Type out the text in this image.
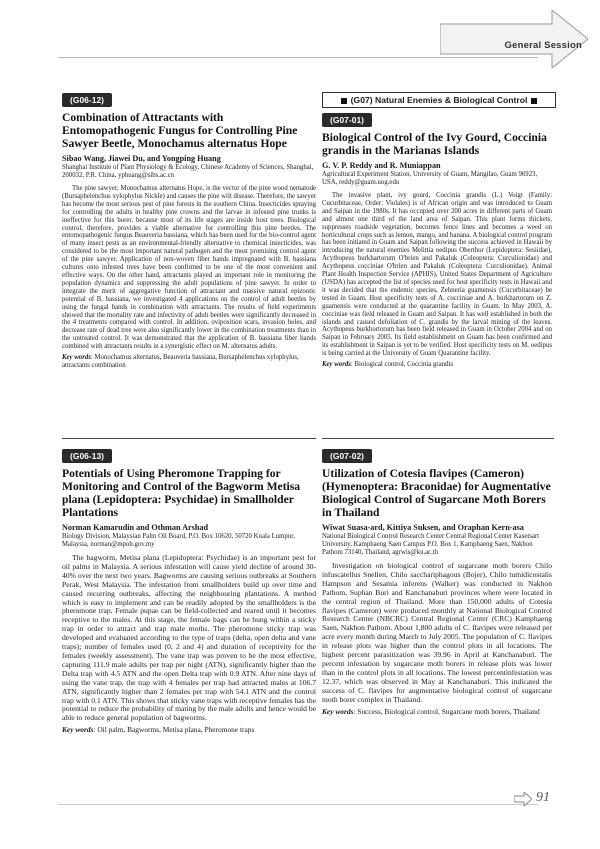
General Session
(G06-12)
Combination of Attractants with Entomopathogenic Fungus for Controlling Pine Sawyer Beetle, Monochamus alternatus Hope
Sibao Wang, Jiawei Du, and Yongping Huang
Shanghai Institute of Plant Physiology & Ecology, Chinese Academy of Sciences, Shanghai, 200032, P.R. China, yphuang@sibs.ac.cn

The pine sawyer, Monochamus alternatus Hope, is the vector of the pine wood nematode (Bursaphelenchus xylophylus Nickle) and causes the pine wilt disease. Therefore, the sawyer has become the most serious pest of pine forests in the southern China. Insecticides spraying for controlling the adults in healthy pine crowns and the larvae in infested pine trunks is ineffective for this borer, because most of its life stages are inside host trees. Biological control, therefore, provides a viable alternative for controlling this pine beetles. The entomopathogenic fungus Beauveria bassiana, which has been used for the bio-control agent of many insect pests as an environmental-friendly alternative to chemical insecticides, was considered to be the most important natural pathogen and the most promising control agent of the pine sawyer. Application of non-woven fiber bands impregnated with B. bassiana cultures onto infested trees have been confirmed to be one of the most convenient and effective ways. On the other hand, attractants played an important role in monitoring the population dynamics and suppressing the adult populations of pine sawyer. In order to integrate the merit of aggregative function of attractant and massive natural epizootic potential of B. bassiana, we investigated 4 applications on the control of adult beetles by using the fungal bands in combination with attractants. The results of field experiments showed that the mortality rate and infectivity of adult beetles were significantly decreased in the 4 treatments compared with control. In addition, oviposition scars, invasion holes, and decrease rate of dead tree were also significantly lower in the combination treatments than in the untreated control. It was demonstrated that the application of B. bassiana fiber bands combined with attractants results in a synergistic effect on M. alternatus adults.

Key words: Monochamus alternatus, Beauveria bassiana, Bursaphelenchus xylophylus, attractants combination
(G06-13)
Potentials of Using Pheromone Trapping for Monitoring and Control of the Bagworm Metisa plana (Lepidoptera: Psychidae) in Smallholder Plantations
Norman Kamarudin and Othman Arshad
Biology Division, Malaysian Palm Oil Board, P.O. Box 10620, 50720 Kuala Lumpur, Malaysia, norman@mpob.gov.my

The bagworm, Metisa plana (Lepidoptera: Psychidae) is an important pest for oil palms in Malaysia. A serious infestation will cause yield decline of around 30-40% over the next two years. Bagworms are causing serious outbreaks at Southern Perak, West Malaysia. The infestation from smallholders build up over time and caused recurring outbreaks, affecting the neighbouring plantations. A method which is easy to implement and can be readily adopted by the smallholders is the pheromone trap. Female pupae can be field-collected and reared until it becomes receptive to the males. At this stage, the female bags can be hung within a sticky trap in order to attract and trap male moths. The pheromone sticky trap was developed and evaluated according to the type of traps (delta, open delta and vane traps); number of females used (0, 2 and 4) and duration of receptivity for the females (weekly assessment). The vane trap was proven to be the most effective, capturing 111.9 male adults per trap per night (ATN), significantly higher than the Delta trap with 4.5 ATN and the open Delta trap with 0.9 ATN. After nine days of using the vane trap, the trap with 4 females per trap had attracted males at 106.7 ATN, significantly higher than 2 females per trap with 54.1 ATN and the control trap with 0.1 ATN. This shows that sticky vane traps with receptive females has the potential to reduce the probability of mating by the male adults and hence would be able to reduce general population of bagworms.

Key words: Oil palm, Bagworms, Metisa plana, Pheromone traps
(G07) Natural Enemies & Biological Control
(G07-01)
Biological Control of the Ivy Gourd, Coccinia grandis in the Marianas Islands
G. V. P. Reddy and R. Muniappan
Agricultural Experiment Station, University of Guam, Mangilao, Guam 96923, USA, reddy@guam.uog.edu

The invasive plant, ivy gourd, Coccinia grandis (L.) Voigt (Family: Cucurbitaceae, Order: Violales) is of African origin and was introduced to Guam and Saipan in the 1980s. It has occupied over 200 acres in different parts of Guam and almost one third of the land area of Saipan. This plant forms thickets, suppresses roadside vegetation, becomes fence lines and becomes a weed on horticultural crops such as lemon, mango, and banana. A biological control program has been initiated in Guam and Saipan following the success achieved in Hawaii by introducing the natural enemies Melittia oedipus Oberthor (Lepidoptera: Sesiidae), Acythopeus burkhartorum O'brien and Pakaluk (Coleoptera: Curculionidae) and Acythopeus cocciniae O'brien and Pakaluk (Coleoptera: Curculionidae). Animal Plant Health Inspection Service (APHIS), United States Department of Agriculture (USDA) has accepted the list of species used for host specificity tests in Hawaii and it was decided that the endemic species, Zehneria guamensis (Cucurbitaceae) be tested in Guam. Host specificity tests of A. cocciniae and A. burkhartorum on Z. guamensis were conducted at the quarantine facility in Guam. In May 2003, A. cocciniae was field released in Guam and Saipan. It has well established in both the islands and caused defoliation of C. grandis by the larval mining of the leaves. Acythopeus burkhortorum has been field released in Guam in October 2004 and on Saipan in February 2005. Its field establishment on Guam has been confirmed and its establishment in Saipan is yet to be verified. Host specificity tests on M. oedipus is being carried at the University of Guam Quarantine facility.

Key words: Biological control, Coccinia grandis
(G07-02)
Utilization of Cotesia flavipes (Cameron) (Hymenoptera: Braconidae) for Augmentative Biological Control of Sugarcane Moth Borers in Thailand
Wiwat Suasa-ard, Kittiya Suksen, and Oraphan Kern-asa
National Biological Control Research Center Central Regional Center Kasetsart University, Kamphaeng Saen Campus P.O. Box 1, Kamphaeng Saen, Nakhon Pathom 73140, Thailand, agrwis@ku.ac.th

Investigation on biological control of sugarcane moth borers Chilo infuscatellus Snellen, Chilo sacchariphagous (Bojer), Chilo tumidicostalis Hampson and Sesamia inferens (Walker) was conducted in Nakhon Pathom, Suphan Buri and Kanchanaburi provinces where were located in the central region of Thailand. More than 150,000 adults of Cotesia flavipes (Cameron) were produced monthly at National Biological Control Research Center (NBCRC) Central Regional Center (CRC) Kamphaeng Saen, Nakhon Pathom. About 1,800 adults of C. flavipes were released per acre every month during March to July 2005. The population of C. flavipes in release plots was higher than the control plots in all locations. The highest percent parasitization was 39.96 in April at Kanchanaburi. The percent infestation by sugarcane moth borers in release plots was lower than in the control plots in all locations. The lowest percentinfestation was 12.37, which was observed in May at Kanchanaburi. This indicated the success of C. flavipes for augmentative biological control of sugarcane moth borer complex in Thailand.

Key words: Success, Biological control, Sugarcane moth borers, Thailand
91
